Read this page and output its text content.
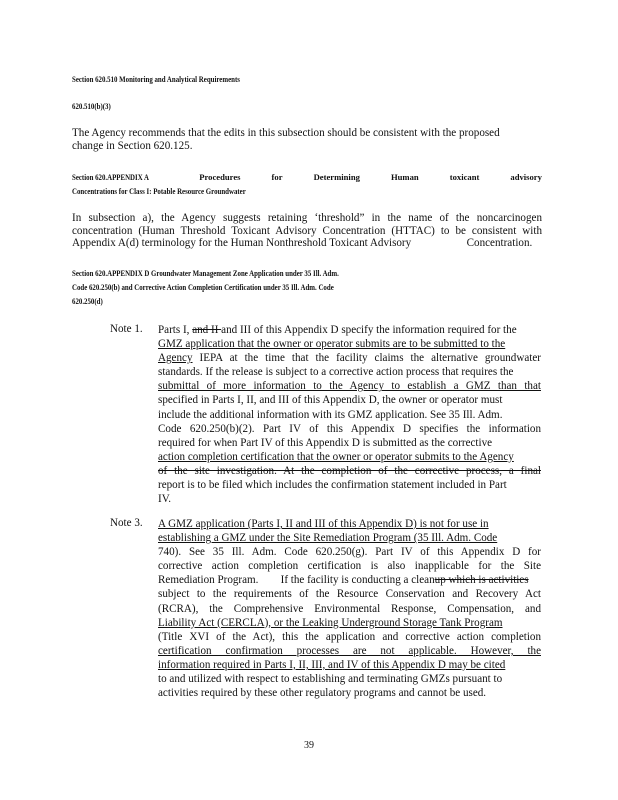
Section 620.510 Monitoring and Analytical Requirements
620.510(b)(3)
The Agency recommends that the edits in this subsection should be consistent with the proposed
change in Section 620.125.
Section 620.APPENDIX A	Procedures	for	Determining	Human	toxicant	advisory
Concentrations for Class I: Potable Resource Groundwater
In subsection a), the Agency suggests retaining ‘threshold” in the name of the noncarcinogen
concentration (Human Threshold Toxicant Advisory Concentration (HTTAC) to be consistent with
Appendix A(d) terminology for the Human Nonthreshold Toxicant Advisory                    Concentration.
Section 620.APPENDIX D Groundwater Management Zone Application under 35 Ill. Adm.
Code 620.250(b) and Corrective Action Completion Certification under 35 Ill. Adm. Code
620.250(d)
Note 1. Parts I, and II and III of this Appendix D specify the information required for the
GMZ application that the owner or operator submits are to be submitted to the
Agency IEPA at the time that the facility claims the alternative groundwater
standards. If the release is subject to a corrective action process that requires the
submittal of more information to the Agency to establish a GMZ than that
specified in Parts I, II, and III of this Appendix D, the owner or operator must
include the additional information with its GMZ application. See 35 Ill. Adm.
Code 620.250(b)(2). Part IV of this Appendix D specifies the information
required for when Part IV of this Appendix D is submitted as the corrective
action completion certification that the owner or operator submits to the Agency
of the site investigation. At the completion of the corrective process, a final
report is to be filed which includes the confirmation statement included in Part
IV.
Note 3. A GMZ application (Parts I, II and III of this Appendix D) is not for use in
establishing a GMZ under the Site Remediation Program (35 Ill. Adm. Code
740). See 35 Ill. Adm. Code 620.250(g). Part IV of this Appendix D for
corrective action completion certification is also inapplicable for the Site
Remediation Program.        If the facility is conducting a cleanup which is activities
subject to the requirements of the Resource Conservation and Recovery Act
(RCRA), the Comprehensive Environmental Response, Compensation, and
Liability Act (CERCLA), or the Leaking Underground Storage Tank Program
(Title XVI of the Act), this the application and corrective action completion
certification confirmation processes are not applicable. However, the
information required in Parts I, II, III, and IV of this Appendix D may be cited
to and utilized with respect to establishing and terminating GMZs pursuant to
activities required by these other regulatory programs and cannot be used.
39
